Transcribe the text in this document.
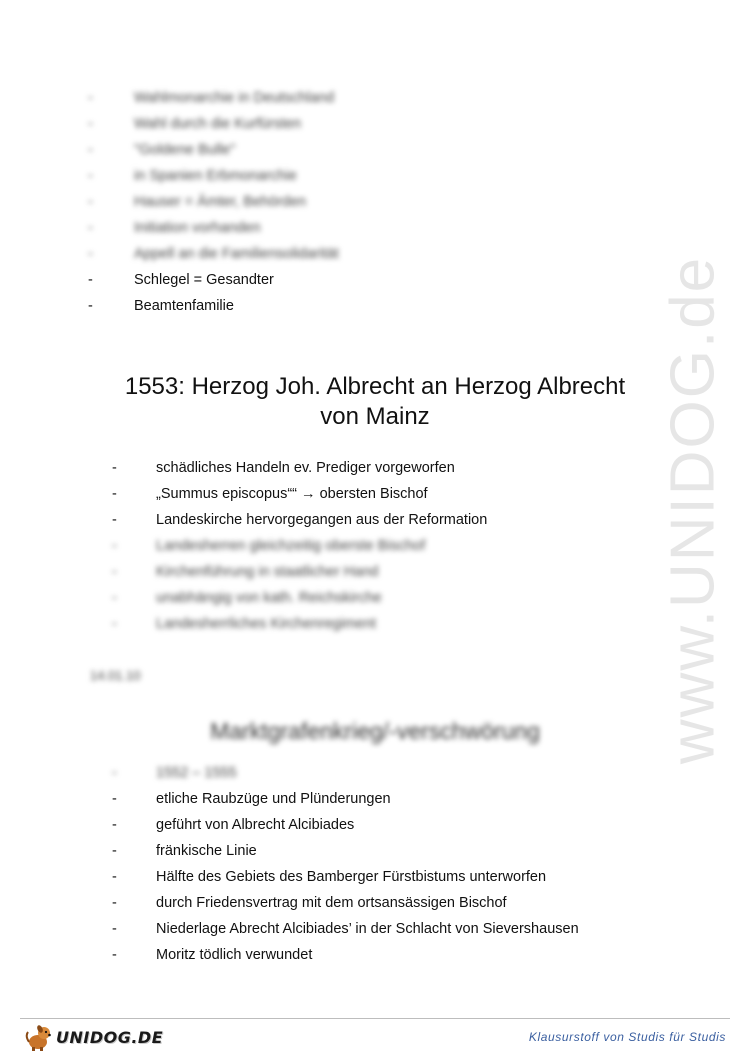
www.UNIDOG.de
-	Wahlmonarchie in Deutschland
-	Wahl durch die Kurfürsten
-	"Goldene Bulle"
-	in Spanien Erbmonarchie
-	Hauser = Ämter, Behörden
-	Initiation vorhanden
-	Appell an die Familiensolidarität
-	Schlegel = Gesandter
-	Beamtenfamilie
1553: Herzog Joh. Albrecht an Herzog Albrecht
von Mainz
-	schädliches Handeln ev. Prediger vorgeworfen
-	„Summus episcopus““ → obersten Bischof
-	Landeskirche hervorgegangen aus der Reformation
-	Landesherren gleichzeitig oberste Bischof
-	Kirchenführung in staatlicher Hand
-	unabhängig von kath. Reichskirche
-	Landesherrliches Kirchenregiment
14.01.10
Marktgrafenkrieg/-verschwörung
-	1552 – 1555
-	etliche Raubzüge und Plünderungen
-	geführt von Albrecht Alcibiades
-	fränkische Linie
-	Hälfte des Gebiets des Bamberger Fürstbistums unterworfen
-	durch Friedensvertrag mit dem ortsansässigen Bischof
-	Niederlage Abrecht Alcibiades’ in der Schlacht von Sievershausen
-	Moritz tödlich verwundet
UNIDOG.DE	Klausurstoff von Studis für Studis
